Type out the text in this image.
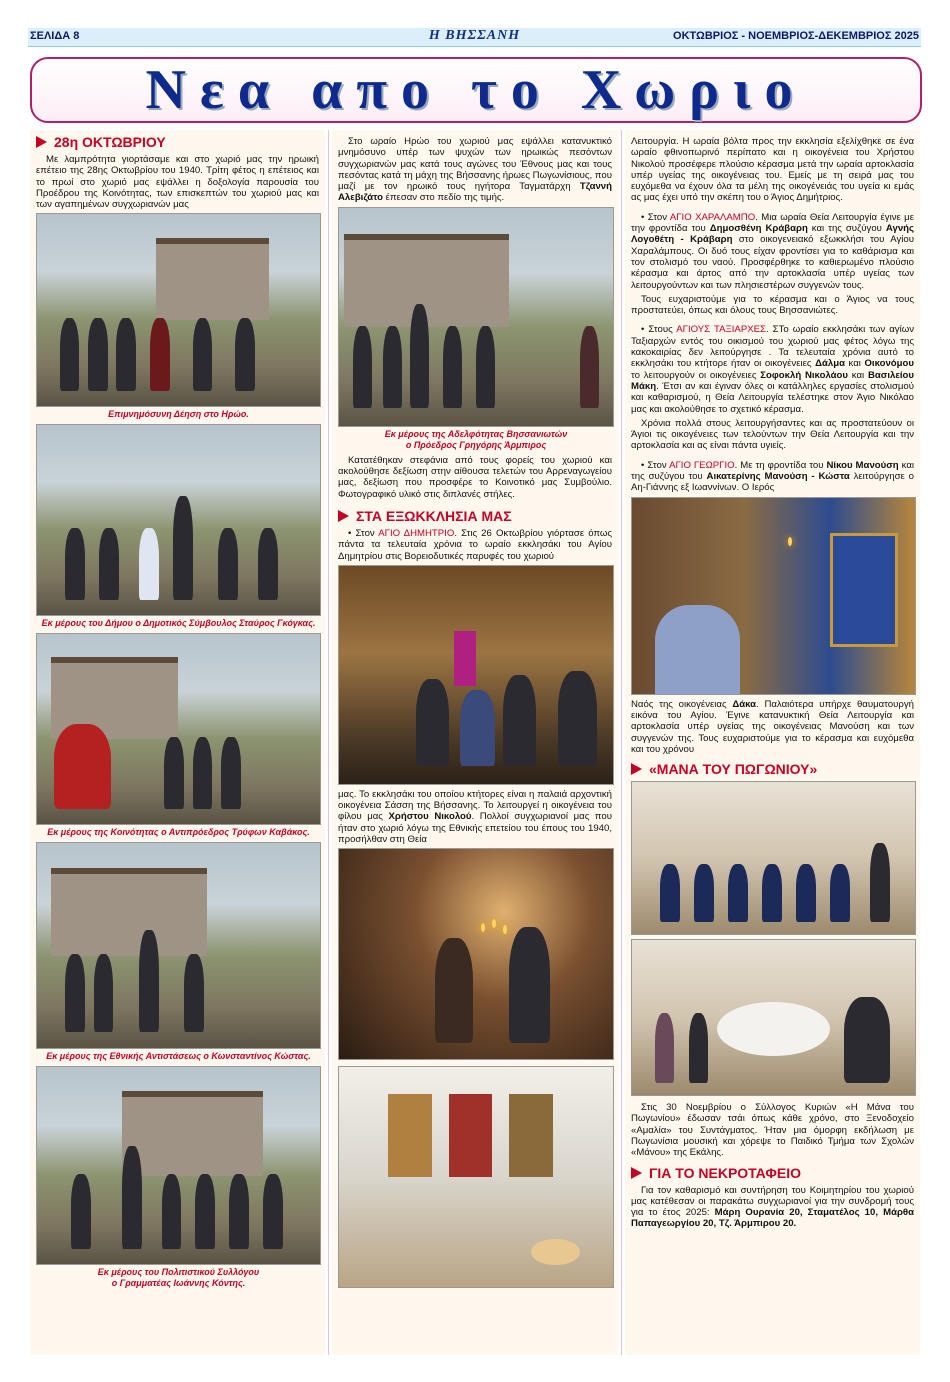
ΣΕΛΙΔΑ 8	Η ΒΗΣΣΑΝΗ	ΟΚΤΩΒΡΙΟΣ - ΝΟΕΜΒΡΙΟΣ-ΔΕΚΕΜΒΡΙΟΣ 2025
Νεα απο το Χωριο
28η ΟΚΤΩΒΡΙΟΥ

Με λαμπρότητα γιορτάσαμε και στο χωριό μας την ηρωική επέτειο της 28ης Οκτωβρίου του 1940. Τρίτη φέτος η επέτειος και το πρωί στο χωριό μας εψάλλει η δοξολογία παρουσία του Προέδρου της Κοινότητας, των επισκεπτών του χωριού μας και των αγαπημένων συγχωριανών μας

Επιμνημόσυνη Δέηση στο Ηρώο.
Εκ μέρους του Δήμου ο Δημοτικός Σύμβουλος Σταύρος Γκόγκας.
Εκ μέρους της Κοινότητας ο Αντιπρόεδρος Τρύφων Καβάκος.
Εκ μέρους της Εθνικής Αντιστάσεως ο Κωνσταντίνος Κώστας.
Εκ μέρους του Πολιτιστικού Συλλόγου
ο Γραμματέας Ιωάννης Κόντης.

Στο ωραίο Ηρώο του χωριού μας εψάλλει κατανυκτικό μνημόσυνο υπέρ των ψυχών των ηρωικώς πεσόντων συγχωριανών μας κατά τους αγώνες του Έθνους μας και τους πεσόντας κατά τη μάχη της Βήσσανης ήρωες Πωγωνίσιους, που μαζί με τον ηρωικό τους ηγήτορα Ταγματάρχη Τζαννή Αλεβιζάτο έπεσαν στο πεδίο της τιμής.

Εκ μέρους της Αδελφότητας Βησσανιωτών
ο Πρόεδρος Γρηγόρης Άρμπιρος

Κατατέθηκαν στεφάνια από τους φορείς του χωριού και ακολούθησε δεξίωση στην αίθουσα τελετών του Αρρεναγωγείου μας, δεξίωση που προσφέρε το Κοινοτικό μας Συμβούλιο. Φωτογραφικό υλικό στις διπλανές στήλες.

ΣΤΑ ΕΞΩΚΚΛΗΣΙΑ ΜΑΣ

• Στον ΑΓΙΟ ΔΗΜΗΤΡΙΟ. Στις 26 Οκτωβρίου γιόρτασε όπως πάντα τα τελευταία χρόνια το ωραίο εκκλησάκι του Αγίου Δημητρίου στις Βορειοδυτικές παρυφές του χωριού

μας. Το εκκλησάκι του οποίου κτήτορες είναι η παλαιά αρχοντική οικογένεια Σάσση της Βήσσανης. Το λειτουργεί η οικογένεια του φίλου μας Χρήστου Νικολού. Πολλοί συγχωριανοί μας που ήταν στο χωριό λόγω της Εθνικής επετείου του έπους του 1940, προσήλθαν στη Θεία

Λειτουργία. Η ωραία βόλτα προς την εκκλησία εξελίχθηκε σε ένα ωραίο φθινοπωρινό περίπατο και η οικογένεια του Χρήστου Νικολού προσέφερε πλούσιο κέρασμα μετά την ωραία αρτοκλασία υπέρ υγείας της οικογένειας του. Εμείς με τη σειρά μας του ευχόμεθα να έχουν όλα τα μέλη της οικογένειάς του υγεία κι εμάς ας μας έχει υπό την σκέπη του ο Άγιος Δημήτριος.

• Στον ΑΓΙΟ ΧΑΡΑΛΑΜΠΟ. Μια ωραία Θεία Λειτουργία έγινε με την φροντίδα του Δημοσθένη Κράβαρη και της συζύγου Αγνής Λογοθέτη - Κράβαρη στο οικογενειακό εξωκκλήσι του Αγίου Χαραλάμπους. Οι δυό τους είχαν φροντίσει για το καθάρισμα και τον στολισμό του ναού. Προσφέρθηκε το καθιερωμένο πλούσιο κέρασμα και άρτος από την αρτοκλασία υπέρ υγείας των λειτουργούντων και των πλησιεστέρων συγγενών τους.

Τους ευχαριστούμε για το κέρασμα και ο Άγιος να τους προστατεύει, όπως και όλους τους Βησσανιώτες.

• Στους ΑΓΙΟΥΣ ΤΑΞΙΑΡΧΕΣ. ΣΤο ωραίο εκκλησάκι των αγίων Ταξιαρχών εντός του οικισμού του χωριού μας φέτος λόγω της κακοκαιρίας δεν λειτούργησε . Τα τελευταία χρόνια αυτό το εκκλησάκι του κτήτορε ήταν οι οικογένειες Δάλμα και Οικονόμου το λειτουργούν οι οικογένειες Σοφοκλή Νικολάου και Βασιλείου Μάκη. Έτσι αν και έγιναν όλες οι κατάλληλες εργασίες στολισμού και καθαρισμού, η Θεία Λειτουργία τελέστηκε στον Άγιο Νικόλαο μας και ακολούθησε το σχετικό κέρασμα.

Χρόνια πολλά στους λειτουργήσαντες και ας προστατεύουν οι Άγιοι τις οικογένειες των τελούντων την Θεία Λειτουργία και την αρτοκλασία και ας είναι πάντα υγιείς.

• Στον ΑΓΙΟ ΓΕΩΡΓΙΟ. Με τη φροντίδα του Νίκου Μανούση και της συζύγου του Αικατερίνης Μανούση - Κώστα λειτούργησε ο Αη-Γιάννης εξ Ιωαννίνων. Ο Ιερός

Ναός της οικογένειας Δάκα. Παλαιότερα υπήρχε θαυματουργή εικόνα του Αγίου. Έγινε κατανυκτική Θεία Λειτουργία και αρτοκλασία υπέρ υγείας της οικογένειας Μανούση και των συγγενών της. Τους ευχαριστούμε για το κέρασμα και ευχόμεθα και του χρόνου

«ΜΑΝΑ ΤΟΥ ΠΩΓΩΝΙΟΥ»

Στις 30 Νοεμβρίου ο Σύλλογος Κυριών «Η Μάνα του Πωγωνίου» έδωσαν τσάι όπως κάθε χρόνο, στο Ξενοδοχείο «Αμαλία» του Συντάγματος. Ήταν μια όμορφη εκδήλωση με Πωγωνίσια μουσική και χόρεψε το Παιδικό Τμήμα των Σχολών «Μάνου» της Εκάλης.

ΓΙΑ ΤΟ ΝΕΚΡΟΤΑΦΕΙΟ

Για τον καθαρισμό και συντήρηση του Κοιμητηρίου του χωριού μας κατέθεσαν οι παρακάτω συγχωριανοί για την συνδρομή τους για το έτος 2025: Μάρη Ουρανία 20, Σταματέλος 10, Μάρθα Παπαγεωργίου 20, Τζ. Άρμπιρου 20.
